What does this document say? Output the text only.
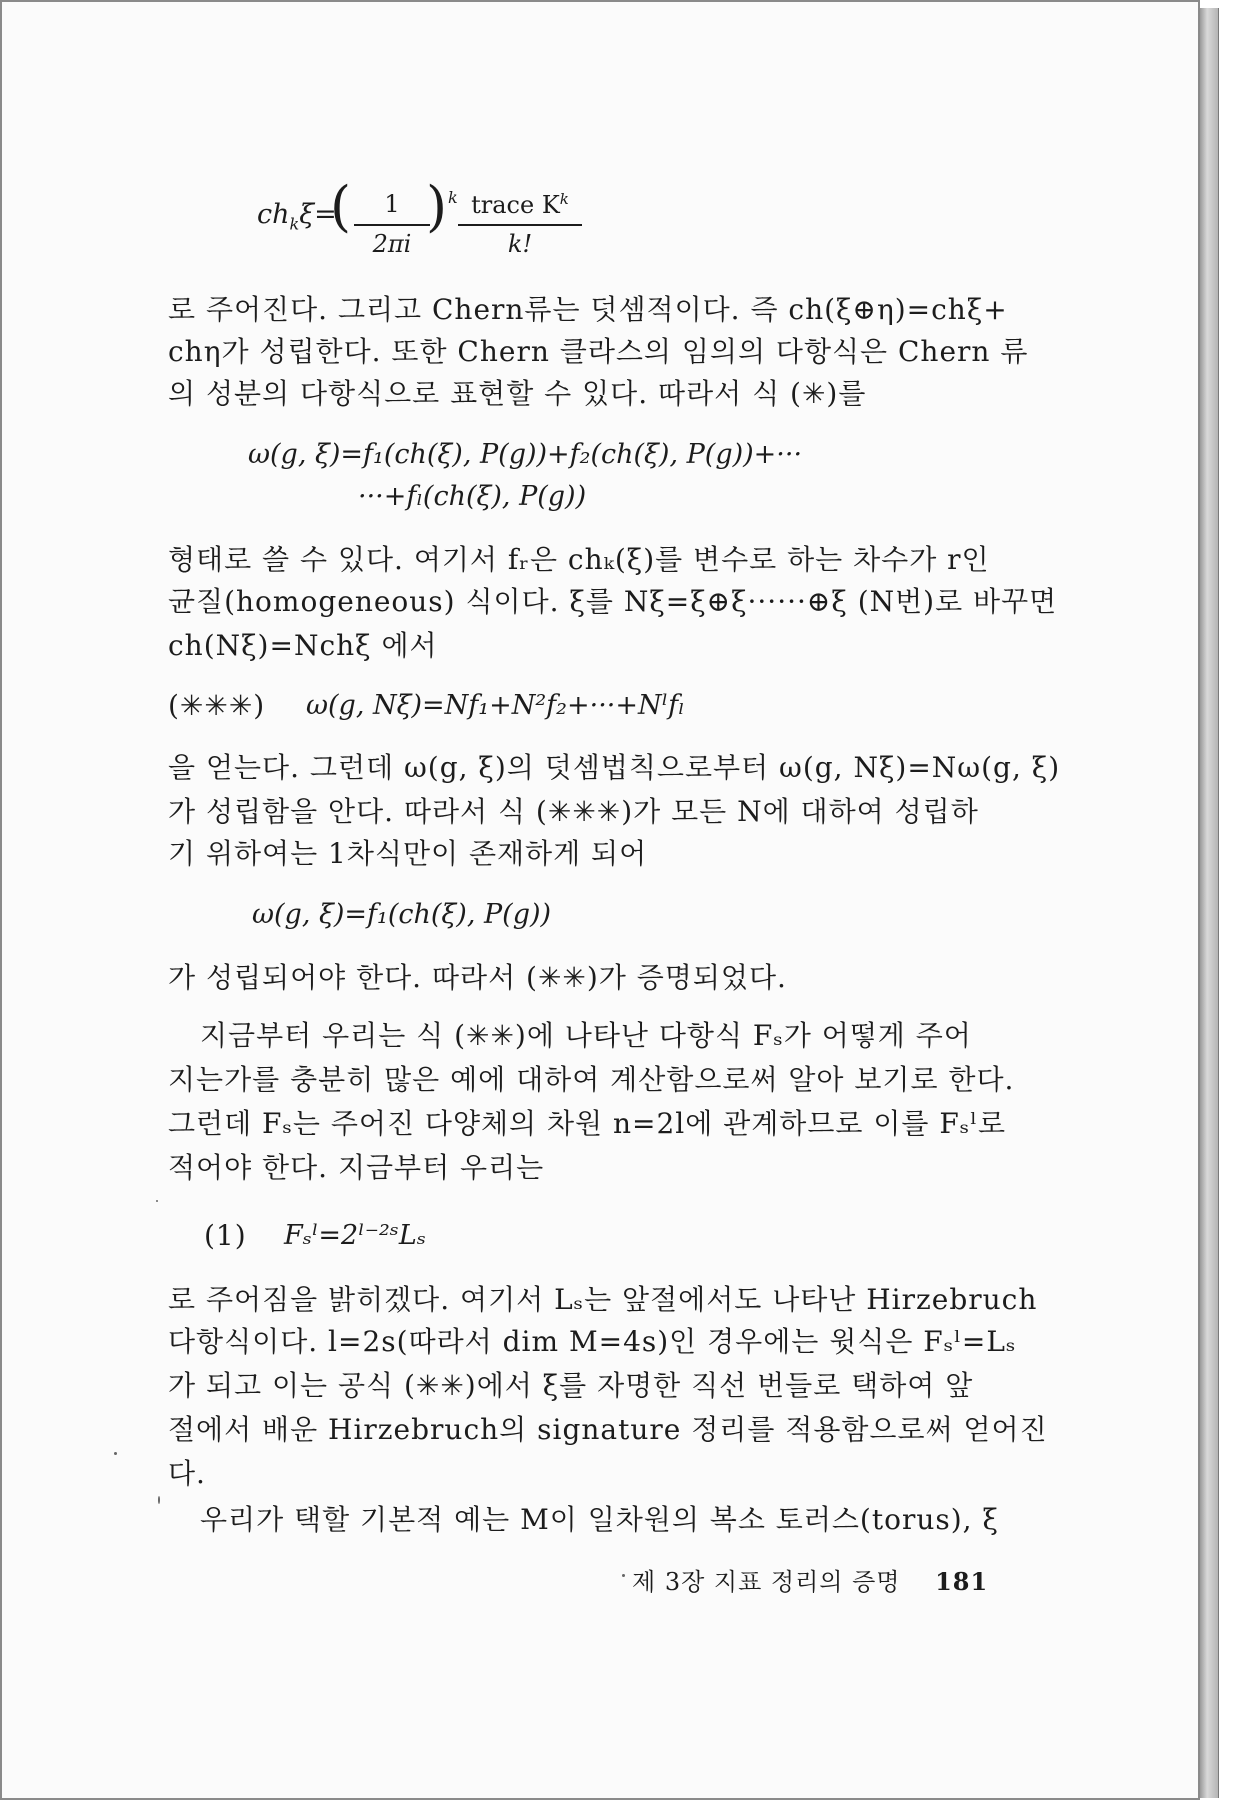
$ch_k\xi=$
(	1
2πi
) k trace $K^k$
k!
로 주어진다. 그리고 Chern류는 덧셈적이다. 즉 ch(ξ⊕η)=chξ+
chη가 성립한다. 또한 Chern 클라스의 임의의 다항식은 Chern 류
의 성분의 다항식으로 표현할 수 있다. 따라서 식 (✳)를
ω(g, ξ)=f₁(ch(ξ), P(g))+f₂(ch(ξ), P(g))+···
···+fₗ(ch(ξ), P(g))
형태로 쓸 수 있다. 여기서 fᵣ은 chₖ(ξ)를 변수로 하는 차수가 r인
균질(homogeneous) 식이다. ξ를 Nξ=ξ⊕ξ······⊕ξ (N번)로 바꾸면
ch(Nξ)=Nchξ 에서
(✳✳✳) ω(g, Nξ)=Nf₁+N²f₂+···+Nˡfₗ
을 얻는다. 그런데 ω(g, ξ)의 덧셈법칙으로부터 ω(g, Nξ)=Nω(g, ξ)
가 성립함을 안다. 따라서 식 (✳✳✳)가 모든 N에 대하여 성립하
기 위하여는 1차식만이 존재하게 되어
ω(g, ξ)=f₁(ch(ξ), P(g))
가 성립되어야 한다. 따라서 (✳✳)가 증명되었다.
지금부터 우리는 식 (✳✳)에 나타난 다항식 Fₛ가 어떻게 주어
지는가를 충분히 많은 예에 대하여 계산함으로써 알아 보기로 한다.
그런데 Fₛ는 주어진 다양체의 차원 n=2l에 관계하므로 이를 Fₛˡ로
적어야 한다. 지금부터 우리는
(1) Fₛˡ=2ˡ⁻²ˢLₛ
로 주어짐을 밝히겠다. 여기서 Lₛ는 앞절에서도 나타난 Hirzebruch
다항식이다. l=2s(따라서 dim M=4s)인 경우에는 윗식은 Fₛˡ=Lₛ
가 되고 이는 공식 (✳✳)에서 ξ를 자명한 직선 번들로 택하여 앞
절에서 배운 Hirzebruch의 signature 정리를 적용함으로써 얻어진
다.
우리가 택할 기본적 예는 M이 일차원의 복소 토러스(torus), ξ
제 3장 지표 정리의 증명 181
